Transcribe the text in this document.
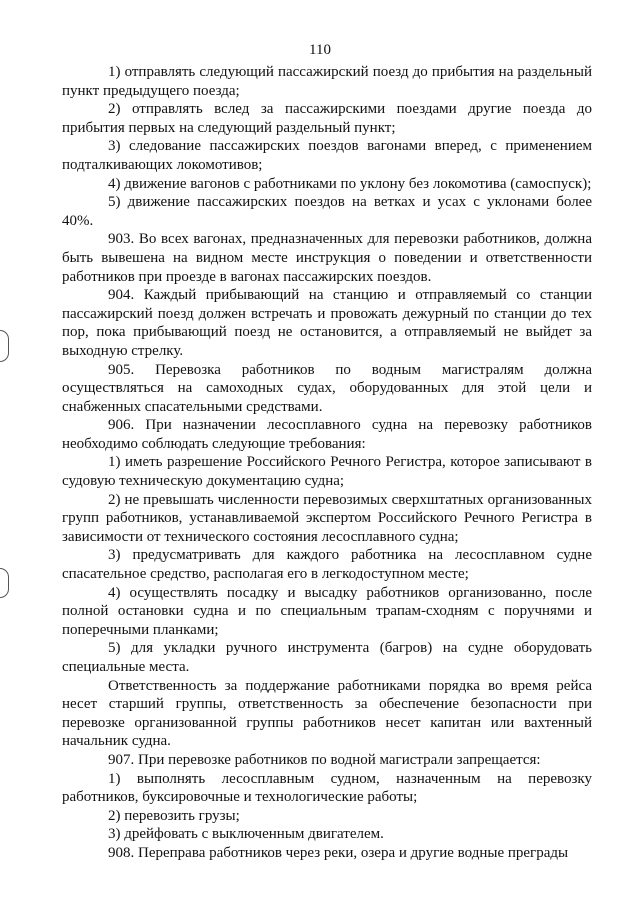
110

1) отправлять следующий пассажирский поезд до прибытия на раздельный пункт предыдущего поезда;

2) отправлять вслед за пассажирскими поездами другие поезда до прибытия первых на следующий раздельный пункт;

3) следование пассажирских поездов вагонами вперед, с применением подталкивающих локомотивов;

4) движение вагонов с работниками по уклону без локомотива (самоспуск);

5) движение пассажирских поездов на ветках и усах с уклонами более 40%.

903. Во всех вагонах, предназначенных для перевозки работников, должна быть вывешена на видном месте инструкция о поведении и ответственности работников при проезде в вагонах пассажирских поездов.

904. Каждый прибывающий на станцию и отправляемый со станции пассажирский поезд должен встречать и провожать дежурный по станции до тех пор, пока прибывающий поезд не остановится, а отправляемый не выйдет за выходную стрелку.

905. Перевозка работников по водным магистралям должна осуществляться на самоходных судах, оборудованных для этой цели и снабженных спасательными средствами.

906. При назначении лесосплавного судна на перевозку работников необходимо соблюдать следующие требования:

1) иметь разрешение Российского Речного Регистра, которое записывают в судовую техническую документацию судна;

2) не превышать численности перевозимых сверхштатных организованных групп работников, устанавливаемой экспертом Российского Речного Регистра в зависимости от технического состояния лесосплавного судна;

3) предусматривать для каждого работника на лесосплавном судне спасательное средство, располагая его в легкодоступном месте;

4) осуществлять посадку и высадку работников организованно, после полной остановки судна и по специальным трапам-сходням с поручнями и поперечными планками;

5) для укладки ручного инструмента (багров) на судне оборудовать специальные места.

Ответственность за поддержание работниками порядка во время рейса несет старший группы, ответственность за обеспечение безопасности при перевозке организованной группы работников несет капитан или вахтенный начальник судна.

907. При перевозке работников по водной магистрали запрещается:

1) выполнять лесосплавным судном, назначенным на перевозку работников, буксировочные и технологические работы;

2) перевозить грузы;

3) дрейфовать с выключенным двигателем.

908. Переправа работников через реки, озера и другие водные преграды
